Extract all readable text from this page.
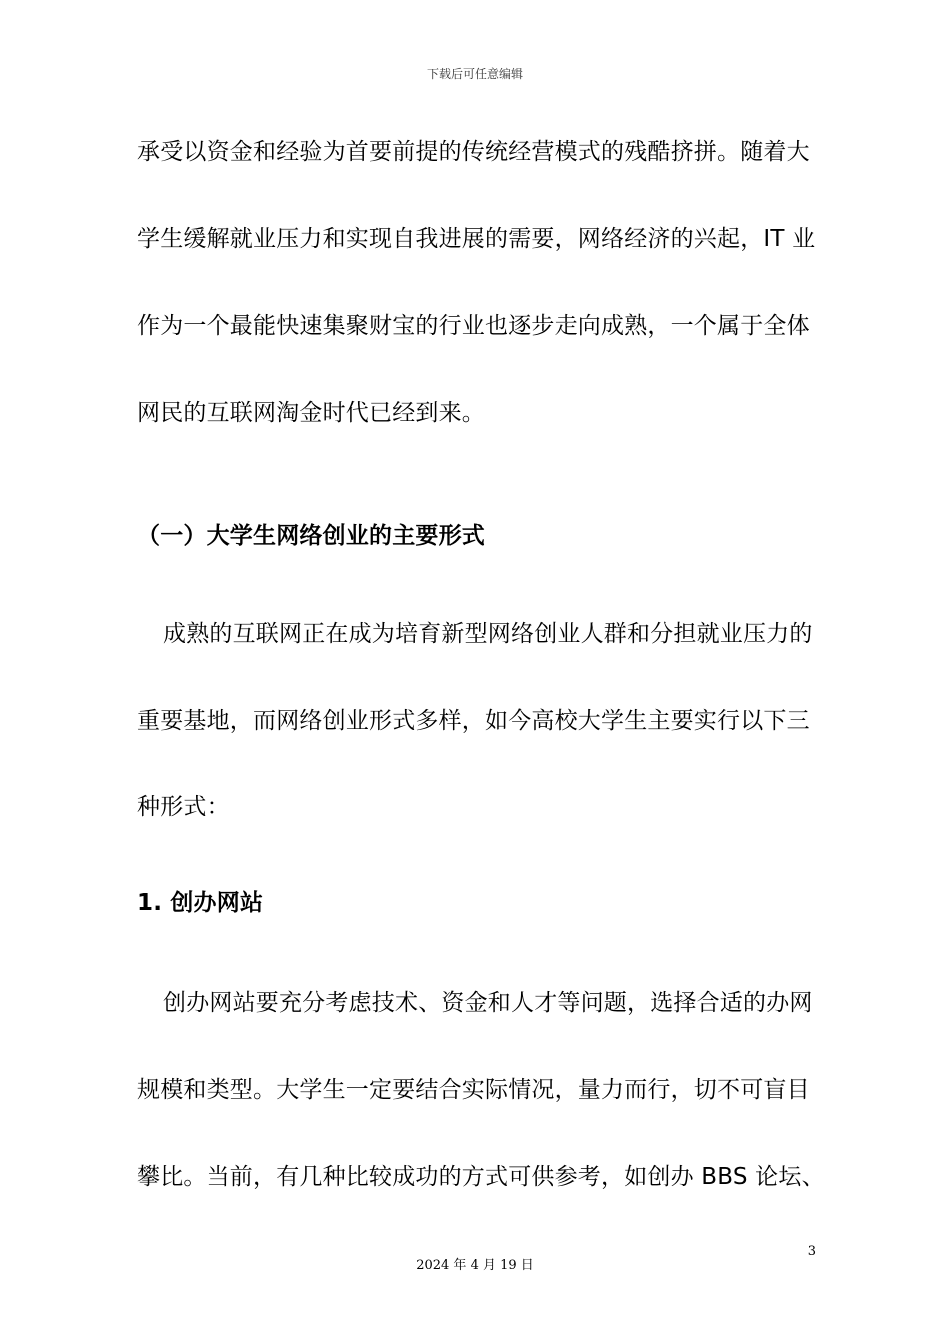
下载后可任意编辑
承受以资金和经验为首要前提的传统经营模式的残酷挤拼。随着大
学生缓解就业压力和实现自我进展的需要，网络经济的兴起，IT 业
作为一个最能快速集聚财宝的行业也逐步走向成熟，一个属于全体
网民的互联网淘金时代已经到来。
（一）大学生网络创业的主要形式
成熟的互联网正在成为培育新型网络创业人群和分担就业压力的
重要基地，而网络创业形式多样，如今高校大学生主要实行以下三
种形式：
1. 创办网站
创办网站要充分考虑技术、资金和人才等问题，选择合适的办网
规模和类型。大学生一定要结合实际情况，量力而行，切不可盲目
攀比。当前，有几种比较成功的方式可供参考，如创办 BBS 论坛、
3
2024 年 4 月 19 日
